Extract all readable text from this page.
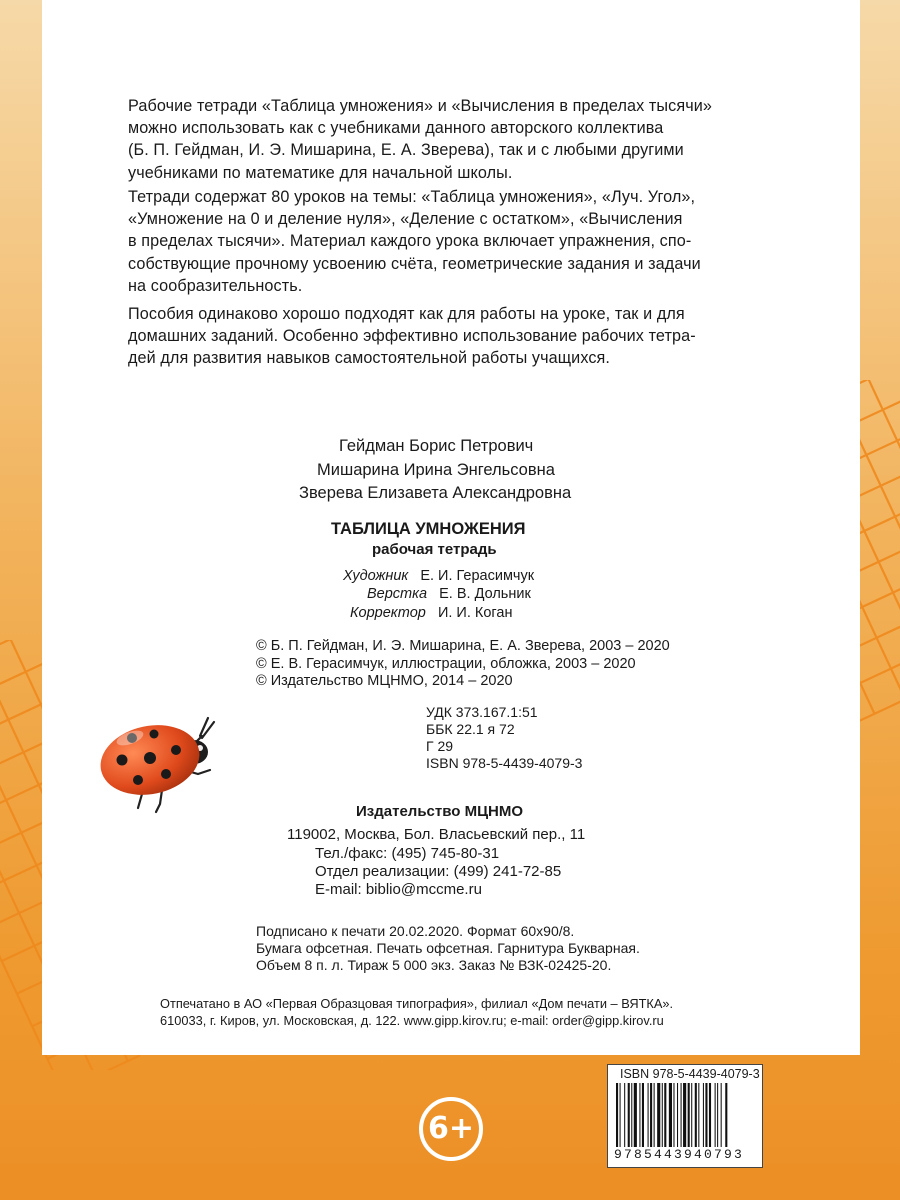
Рабочие тетради «Таблица умножения» и «Вычисления в пределах тысячи»
можно использовать как с учебниками данного авторского коллектива
(Б. П. Гейдман, И. Э. Мишарина, Е. А. Зверева), так и с любыми другими
учебниками по математике для начальной школы.
Тетради содержат 80 уроков на темы: «Таблица умножения», «Луч. Угол»,
«Умножение на 0 и деление нуля», «Деление с остатком», «Вычисления
в пределах тысячи». Материал каждого урока включает упражнения, спо-
собствующие прочному усвоению счёта, геометрические задания и задачи
на сообразительность.
Пособия одинаково хорошо подходят как для работы на уроке, так и для
домашних заданий. Особенно эффективно использование рабочих тетра-
дей для развития навыков самостоятельной работы учащихся.
Гейдман Борис Петрович
Мишарина Ирина Энгельсовна
Зверева Елизавета Александровна
ТАБЛИЦА УМНОЖЕНИЯ
рабочая тетрадь
Художник Е. И. Герасимчук
Верстка Е. В. Дольник
Корректор И. И. Коган
© Б. П. Гейдман, И. Э. Мишарина, Е. А. Зверева, 2003 – 2020
© Е. В. Герасимчук, иллюстрации, обложка, 2003 – 2020
© Издательство МЦНМО, 2014 – 2020
УДК 373.167.1:51
ББК 22.1 я 72
Г 29
ISBN 978-5-4439-4079-3
Издательство МЦНМО
119002, Москва, Бол. Власьевский пер., 11
Тел./факс: (495) 745-80-31
Отдел реализации: (499) 241-72-85
E-mail: biblio@mccme.ru
Подписано к печати 20.02.2020. Формат 60x90/8.
Бумага офсетная. Печать офсетная. Гарнитура Букварная.
Объем 8 п. л. Тираж 5 000 экз. Заказ № ВЗК-02425-20.
Отпечатано в АО «Первая Образцовая типография», филиал «Дом печати – ВЯТКА».
610033, г. Киров, ул. Московская, д. 122. www.gipp.kirov.ru; e-mail: order@gipp.kirov.ru
ISBN 978-5-4439-4079-3
9785443940793
6+
